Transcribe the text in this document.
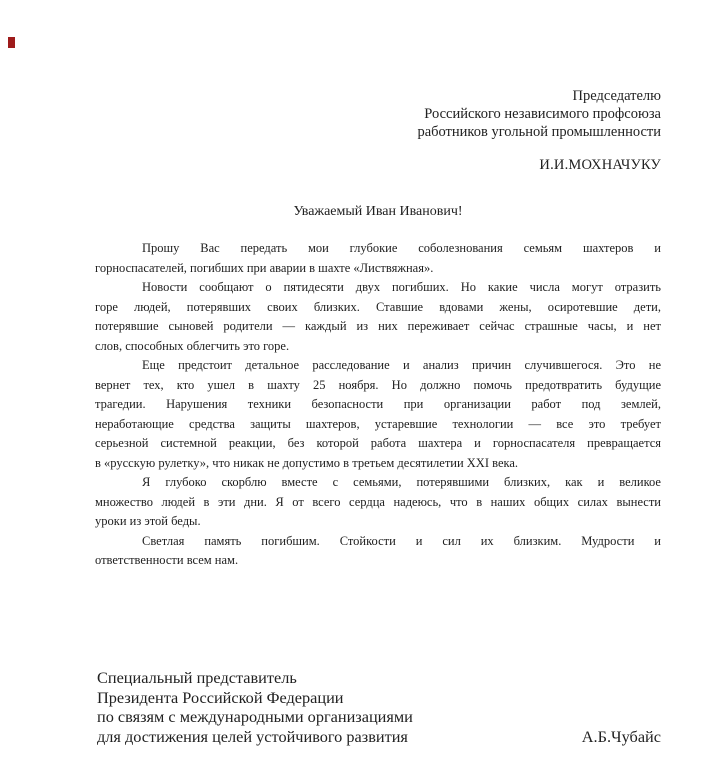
Председателю
Российского независимого профсоюза
работников угольной промышленности
И.И.МОХНАЧУКУ
Уважаемый Иван Иванович!
Прошу Вас передать мои глубокие соболезнования семьям шахтеров и
горноспасателей, погибших при аварии в шахте «Листвяжная».
Новости сообщают о пятидесяти двух погибших. Но какие числа могут отразить
горе людей, потерявших своих близких. Ставшие вдовами жены, осиротевшие дети,
потерявшие сыновей родители — каждый из них переживает сейчас страшные часы, и нет
слов, способных облегчить это горе.
Еще предстоит детальное расследование и анализ причин случившегося. Это не
вернет тех, кто ушел в шахту 25 ноября. Но должно помочь предотвратить будущие
трагедии. Нарушения техники безопасности при организации работ под землей,
неработающие средства защиты шахтеров, устаревшие технологии — все это требует
серьезной системной реакции, без которой работа шахтера и горноспасателя превращается
в «русскую рулетку», что никак не допустимо в третьем десятилетии XXI века.
Я глубоко скорблю вместе с семьями, потерявшими близких, как и великое
множество людей в эти дни. Я от всего сердца надеюсь, что в наших общих силах вынести
уроки из этой беды.
Светлая память погибшим. Стойкости и сил их близким. Мудрости и
ответственности всем нам.
Специальный представитель
Президента Российской Федерации
по связям с международными организациями
для достижения целей устойчивого развития	А.Б.Чубайс
